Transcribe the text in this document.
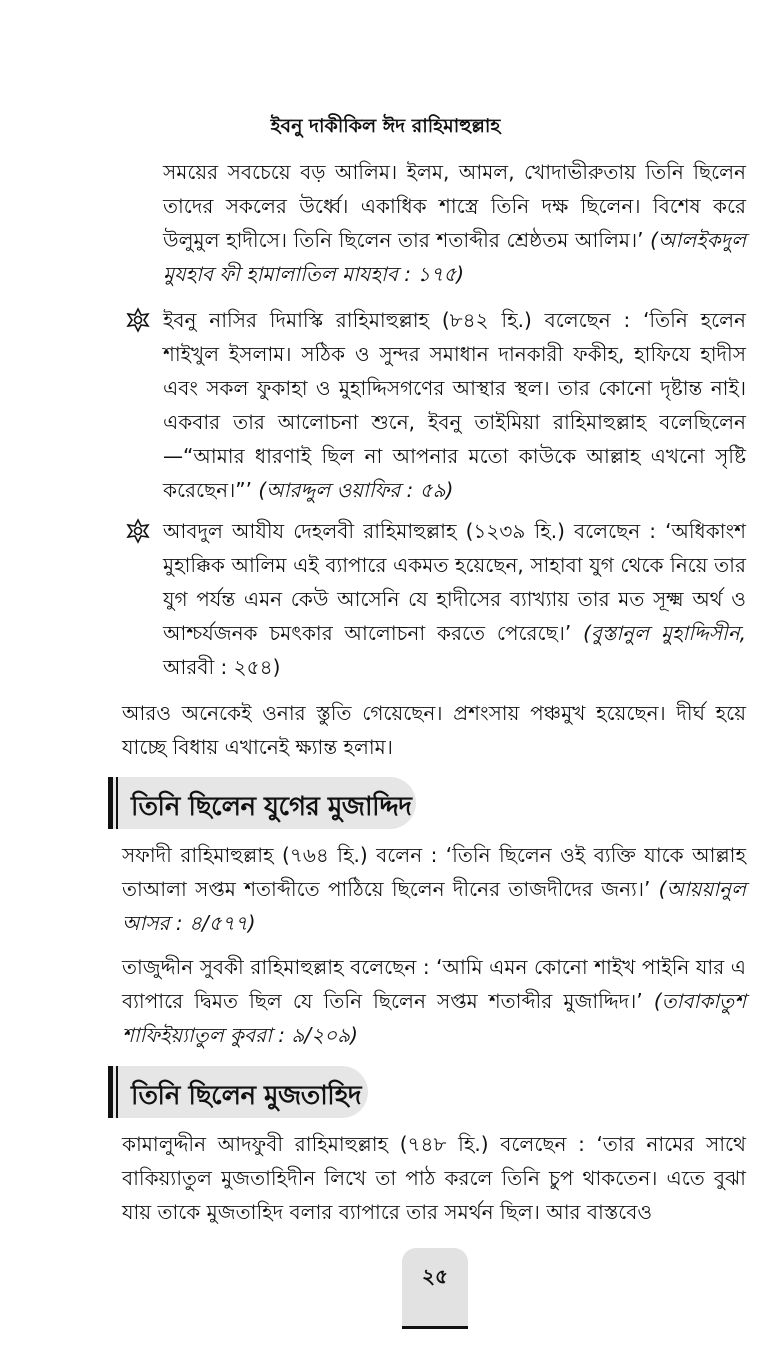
ইবনু দাকীকিল ঈদ রাহিমাহুল্লাহ

সময়ের সবচেয়ে বড় আলিম। ইলম, আমল, খোদাভীরুতায় তিনি ছিলেন তাদের সকলের উর্ধ্বে। একাধিক শাস্ত্রে তিনি দক্ষ ছিলেন। বিশেষ করে উলুমুল হাদীসে। তিনি ছিলেন তার শতাব্দীর শ্রেষ্ঠতম আলিম।’ (আলইকদুল মুযহাব ফী হামালাতিল মাযহাব : ১৭৫)

ইবনু নাসির দিমাস্কি রাহিমাহুল্লাহ (৮৪২ হি.) বলেছেন : ‘তিনি হলেন শাইখুল ইসলাম। সঠিক ও সুন্দর সমাধান দানকারী ফকীহ, হাফিযে হাদীস এবং সকল ফুকাহা ও মুহাদ্দিসগণের আস্থার স্থল। তার কোনো দৃষ্টান্ত নাই। একবার তার আলোচনা শুনে, ইবনু তাইমিয়া রাহিমাহুল্লাহ বলেছিলেন—“আমার ধারণাই ছিল না আপনার মতো কাউকে আল্লাহ এখনো সৃষ্টি করেছেন।”’ (আরদ্দুল ওয়াফির : ৫৯)

আবদুল আযীয দেহলবী রাহিমাহুল্লাহ (১২৩৯ হি.) বলেছেন : ‘অধিকাংশ মুহাক্কিক আলিম এই ব্যাপারে একমত হয়েছেন, সাহাবা যুগ থেকে নিয়ে তার যুগ পর্যন্ত এমন কেউ আসেনি যে হাদীসের ব্যাখ্যায় তার মত সূক্ষ্ম অর্থ ও আশ্চর্যজনক চমৎকার আলোচনা করতে পেরেছে।’ (বুস্তানুল মুহাদ্দিসীন, আরবী : ২৫৪)

আরও অনেকেই ওনার স্তুতি গেয়েছেন। প্রশংসায় পঞ্চমুখ হয়েছেন। দীর্ঘ হয়ে যাচ্ছে বিধায় এখানেই ক্ষ্যান্ত হলাম।

তিনি ছিলেন যুগের মুজাদ্দিদ

সফাদী রাহিমাহুল্লাহ (৭৬৪ হি.) বলেন : ‘তিনি ছিলেন ওই ব্যক্তি যাকে আল্লাহ তাআলা সপ্তম শতাব্দীতে পাঠিয়ে ছিলেন দীনের তাজদীদের জন্য।’ (আয়য়ানুল আসর : ৪/৫৭৭)

তাজুদ্দীন সুবকী রাহিমাহুল্লাহ বলেছেন : ‘আমি এমন কোনো শাইখ পাইনি যার এ ব্যাপারে দ্বিমত ছিল যে তিনি ছিলেন সপ্তম শতাব্দীর মুজাদ্দিদ।’ (তাবাকাতুশ শাফিইয়্যাতুল কুবরা : ৯/২০৯)

তিনি ছিলেন মুজতাহিদ

কামালুদ্দীন আদফুবী রাহিমাহুল্লাহ (৭৪৮ হি.) বলেছেন : ‘তার নামের সাথে বাকিয়্যাতুল মুজতাহিদীন লিখে তা পাঠ করলে তিনি চুপ থাকতেন। এতে বুঝা যায় তাকে মুজতাহিদ বলার ব্যাপারে তার সমর্থন ছিল। আর বাস্তবেও

২৫
